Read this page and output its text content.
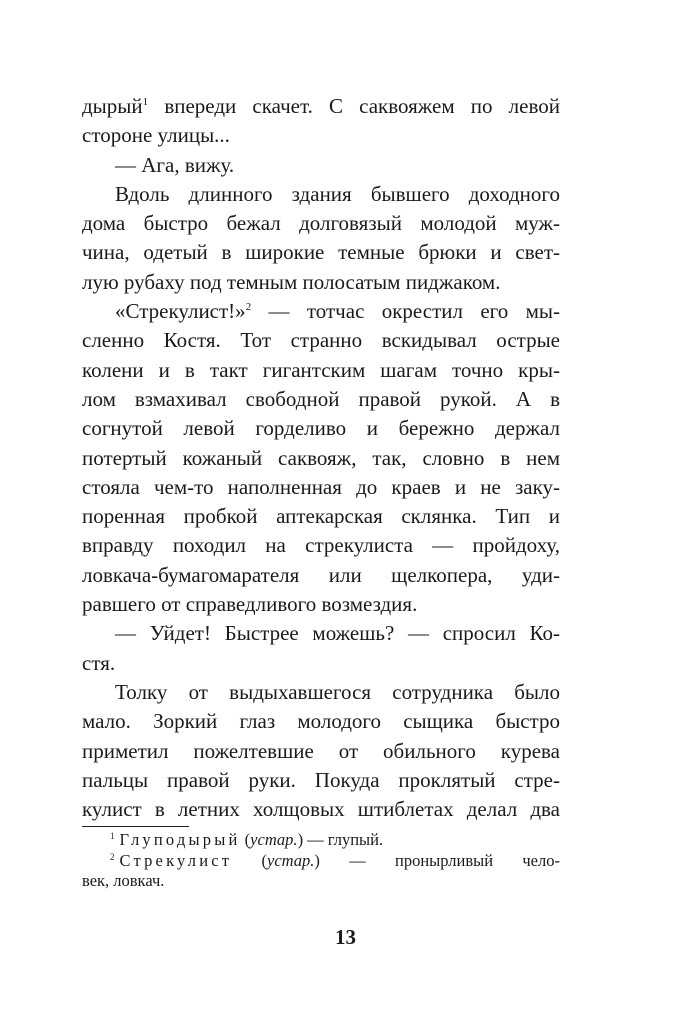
дырый$^1$ впереди скачет. С саквояжем по левой
стороне улицы...
— Ага, вижу.
Вдоль длинного здания бывшего доходного
дома быстро бежал долговязый молодой муж-
чина, одетый в широкие темные брюки и свет-
лую рубаху под темным полосатым пиджаком.
«Стрекулист!»$^2$ — тотчас окрестил его мы-
сленно Костя. Тот странно вскидывал острые
колени и в такт гигантским шагам точно кры-
лом взмахивал свободной правой рукой. А в
согнутой левой горделиво и бережно держал
потертый кожаный саквояж, так, словно в нем
стояла чем-то наполненная до краев и не заку-
поренная пробкой аптекарская склянка. Тип и
вправду походил на стрекулиста — пройдоху,
ловкача-бумагомарателя или щелкопера, уди-
равшего от справедливого возмездия.
— Уйдет! Быстрее можешь? — спросил Ко-
стя.
Толку от выдыхавшегося сотрудника было
мало. Зоркий глаз молодого сыщика быстро
приметил пожелтевшие от обильного курева
пальцы правой руки. Покуда проклятый стре-
кулист в летних холщовых штиблетах делал два
$^1$ Глуподырый (устар.) — глупый.
$^2$ Стрекулист (устар.) — пронырливый чело-
век, ловкач.
13
